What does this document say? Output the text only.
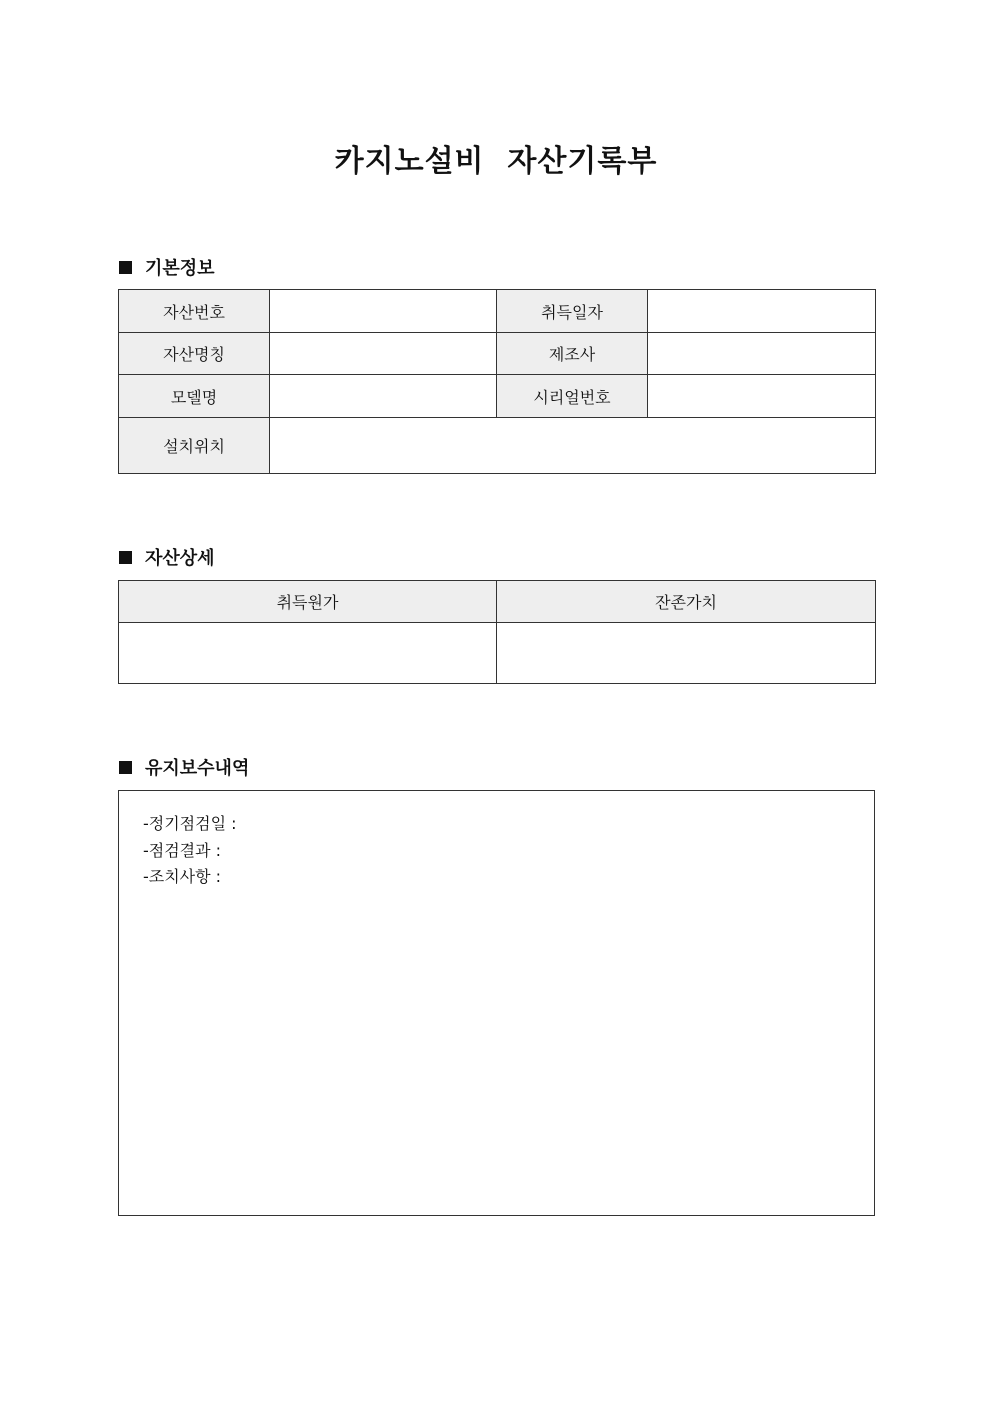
카지노설비  자산기록부
기본정보
자산번호		취득일자	
자산명칭		제조사	
모델명		시리얼번호	
설치위치			
자산상세
취득원가	잔존가치

유지보수내역
-정기점검일 :
-점검결과 :
-조치사항 :
